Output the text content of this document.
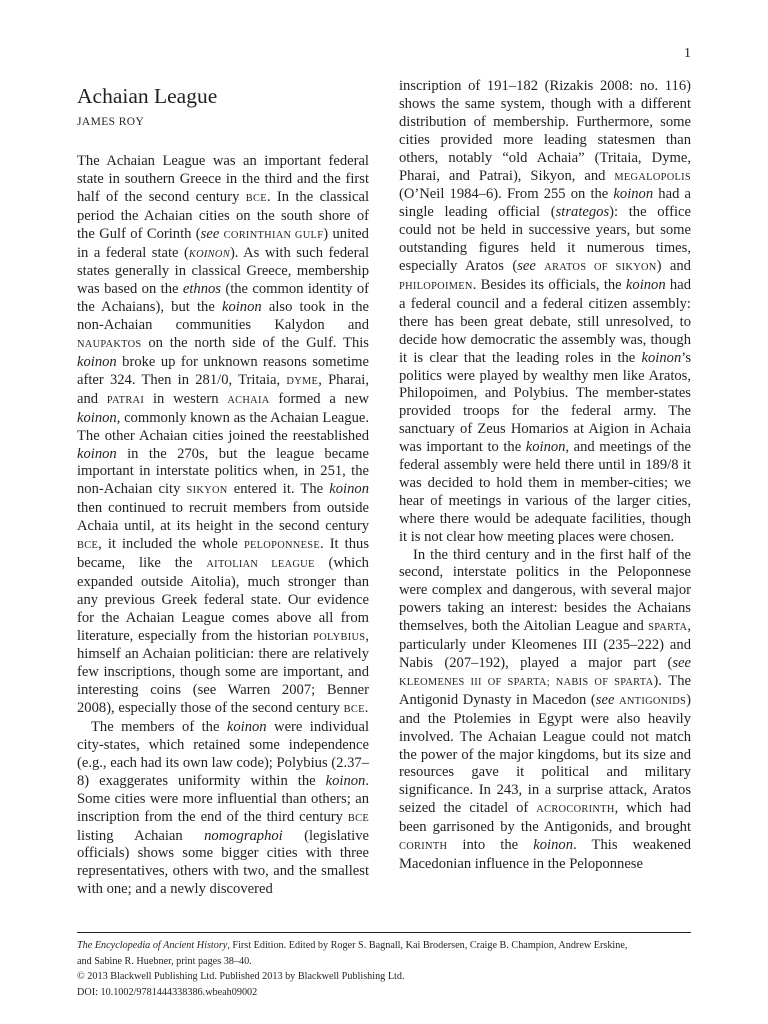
1
Achaian League
JAMES ROY

The Achaian League was an important federal state in southern Greece in the third and the first half of the second century BCE. In the classical period the Achaian cities on the south shore of the Gulf of Corinth (see CORINTHIAN GULF) united in a federal state (KOINON). As with such federal states generally in classical Greece, membership was based on the ethnos (the common identity of the Achaians), but the koinon also took in the non-Achaian communities Kalydon and NAUPAKTOS on the north side of the Gulf. This koinon broke up for unknown reasons sometime after 324. Then in 281/0, Tritaia, DYME, Pharai, and PATRAI in western ACHAIA formed a new koinon, commonly known as the Achaian League. The other Achaian cities joined the reestablished koinon in the 270s, but the league became important in interstate politics when, in 251, the non-Achaian city SIKYON entered it. The koinon then continued to recruit members from outside Achaia until, at its height in the second century BCE, it included the whole PELOPONNESE. It thus became, like the AITOLIAN LEAGUE (which expanded outside Aitolia), much stronger than any previous Greek federal state. Our evidence for the Achaian League comes above all from literature, especially from the historian POLYBIUS, himself an Achaian politician: there are relatively few inscriptions, though some are important, and interesting coins (see Warren 2007; Benner 2008), especially those of the second century BCE.

The members of the koinon were individual city-states, which retained some independence (e.g., each had its own law code); Polybius (2.37–8) exaggerates uniformity within the koinon. Some cities were more influential than others; an inscription from the end of the third century BCE listing Achaian nomographoi (legislative officials) shows some bigger cities with three representatives, others with two, and the smallest with one; and a newly discovered

inscription of 191–182 (Rizakis 2008: no. 116) shows the same system, though with a different distribution of membership. Furthermore, some cities provided more leading statesmen than others, notably “old Achaia” (Tritaia, Dyme, Pharai, and Patrai), Sikyon, and MEGALOPOLIS (O’Neil 1984–6). From 255 on the koinon had a single leading official (strategos): the office could not be held in successive years, but some outstanding figures held it numerous times, especially Aratos (see ARATOS OF SIKYON) and PHILOPOIMEN. Besides its officials, the koinon had a federal council and a federal citizen assembly: there has been great debate, still unresolved, to decide how democratic the assembly was, though it is clear that the leading roles in the koinon’s politics were played by wealthy men like Aratos, Philopoimen, and Polybius. The member-states provided troops for the federal army. The sanctuary of Zeus Homarios at Aigion in Achaia was important to the koinon, and meetings of the federal assembly were held there until in 189/8 it was decided to hold them in member-cities; we hear of meetings in various of the larger cities, where there would be adequate facilities, though it is not clear how meeting places were chosen.

In the third century and in the first half of the second, interstate politics in the Peloponnese were complex and dangerous, with several major powers taking an interest: besides the Achaians themselves, both the Aitolian League and SPARTA, particularly under Kleomenes III (235–222) and Nabis (207–192), played a major part (see KLEOMENES III OF SPARTA; NABIS OF SPARTA). The Antigonid Dynasty in Macedon (see ANTIGONIDS) and the Ptolemies in Egypt were also heavily involved. The Achaian League could not match the power of the major kingdoms, but its size and resources gave it political and military significance. In 243, in a surprise attack, Aratos seized the citadel of ACROCORINTH, which had been garrisoned by the Antigonids, and brought CORINTH into the koinon. This weakened Macedonian influence in the Peloponnese

The Encyclopedia of Ancient History, First Edition. Edited by Roger S. Bagnall, Kai Brodersen, Craige B. Champion, Andrew Erskine,
and Sabine R. Huebner, print pages 38–40.
© 2013 Blackwell Publishing Ltd. Published 2013 by Blackwell Publishing Ltd.
DOI: 10.1002/9781444338386.wbeah09002
